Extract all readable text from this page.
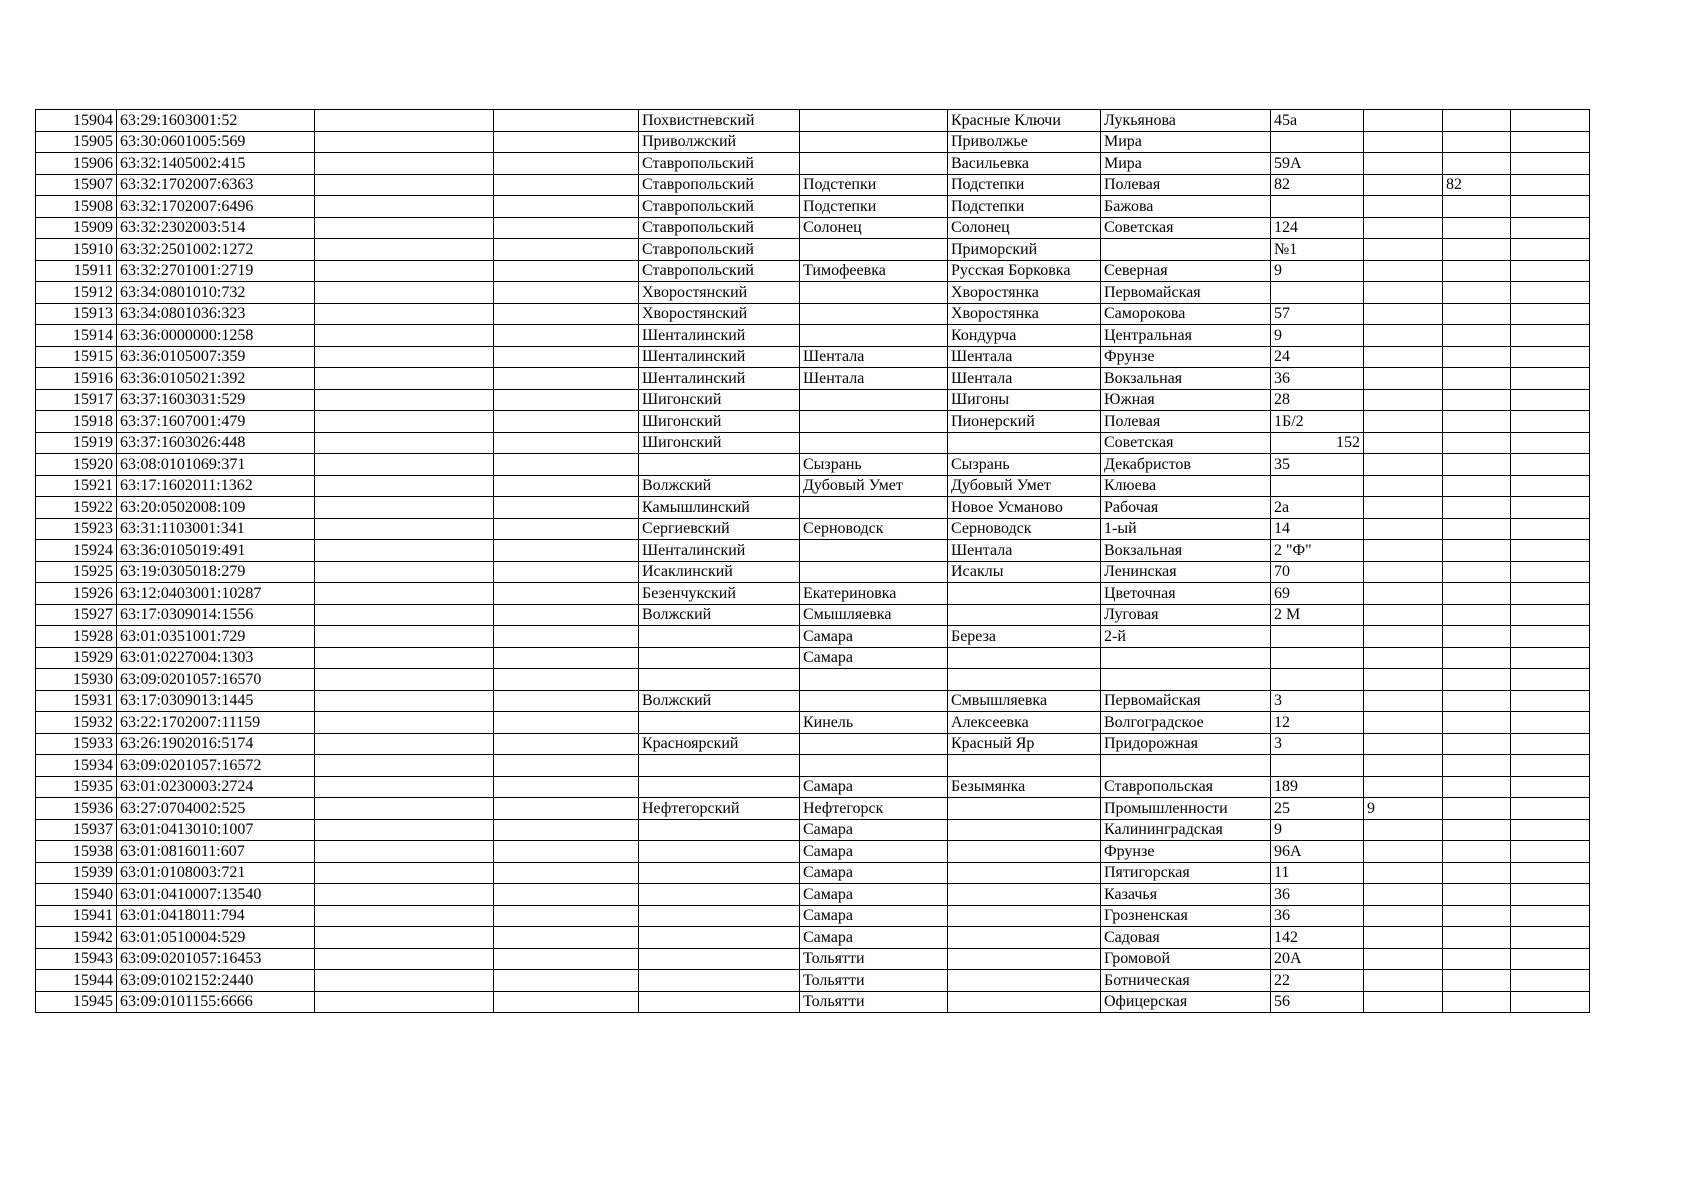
15904	63:29:1603001:52			Похвистневский		Красные Ключи	Лукьянова	45а			
15905	63:30:0601005:569			Приволжский		Приволжье	Мира				
15906	63:32:1405002:415			Ставропольский		Васильевка	Мира	59А			
15907	63:32:1702007:6363			Ставропольский	Подстепки	Подстепки	Полевая	82		82	
15908	63:32:1702007:6496			Ставропольский	Подстепки	Подстепки	Бажова				
15909	63:32:2302003:514			Ставропольский	Солонец	Солонец	Советская	124			
15910	63:32:2501002:1272			Ставропольский		Приморский		№1			
15911	63:32:2701001:2719			Ставропольский	Тимофеевка	Русская Борковка	Северная	9			
15912	63:34:0801010:732			Хворостянский		Хворостянка	Первомайская				
15913	63:34:0801036:323			Хворостянский		Хворостянка	Саморокова	57			
15914	63:36:0000000:1258			Шенталинский		Кондурча	Центральная	9			
15915	63:36:0105007:359			Шенталинский	Шентала	Шентала	Фрунзе	24			
15916	63:36:0105021:392			Шенталинский	Шентала	Шентала	Вокзальная	36			
15917	63:37:1603031:529			Шигонский		Шигоны	Южная	28			
15918	63:37:1607001:479			Шигонский		Пионерский	Полевая	1Б/2			
15919	63:37:1603026:448			Шигонский			Советская	152			
15920	63:08:0101069:371				Сызрань	Сызрань	Декабристов	35			
15921	63:17:1602011:1362			Волжский	Дубовый Умет	Дубовый Умет	Клюева				
15922	63:20:0502008:109			Камышлинский		Новое Усманово	Рабочая	2а			
15923	63:31:1103001:341			Сергиевский	Серноводск	Серноводск	1-ый	14			
15924	63:36:0105019:491			Шенталинский		Шентала	Вокзальная	2 "Ф"			
15925	63:19:0305018:279			Исаклинский		Исаклы	Ленинская	70			
15926	63:12:0403001:10287			Безенчукский	Екатериновка		Цветочная	69			
15927	63:17:0309014:1556			Волжский	Смышляевка		Луговая	2 М			
15928	63:01:0351001:729				Самара	Береза	2-й				
15929	63:01:0227004:1303				Самара						
15930	63:09:0201057:16570										
15931	63:17:0309013:1445			Волжский		Смвышляевка	Первомайская	3			
15932	63:22:1702007:11159				Кинель	Алексеевка	Волгоградское	12			
15933	63:26:1902016:5174			Красноярский		Красный Яр	Придорожная	3			
15934	63:09:0201057:16572										
15935	63:01:0230003:2724				Самара	Безымянка	Ставропольская	189			
15936	63:27:0704002:525			Нефтегорский	Нефтегорск		Промышленности	25	9		
15937	63:01:0413010:1007				Самара		Калининградская	9			
15938	63:01:0816011:607				Самара		Фрунзе	96А			
15939	63:01:0108003:721				Самара		Пятигорская	11			
15940	63:01:0410007:13540				Самара		Казачья	36			
15941	63:01:0418011:794				Самара		Грозненская	36			
15942	63:01:0510004:529				Самара		Садовая	142			
15943	63:09:0201057:16453				Тольятти		Громовой	20А			
15944	63:09:0102152:2440				Тольятти		Ботническая	22			
15945	63:09:0101155:6666				Тольятти		Офицерская	56			
